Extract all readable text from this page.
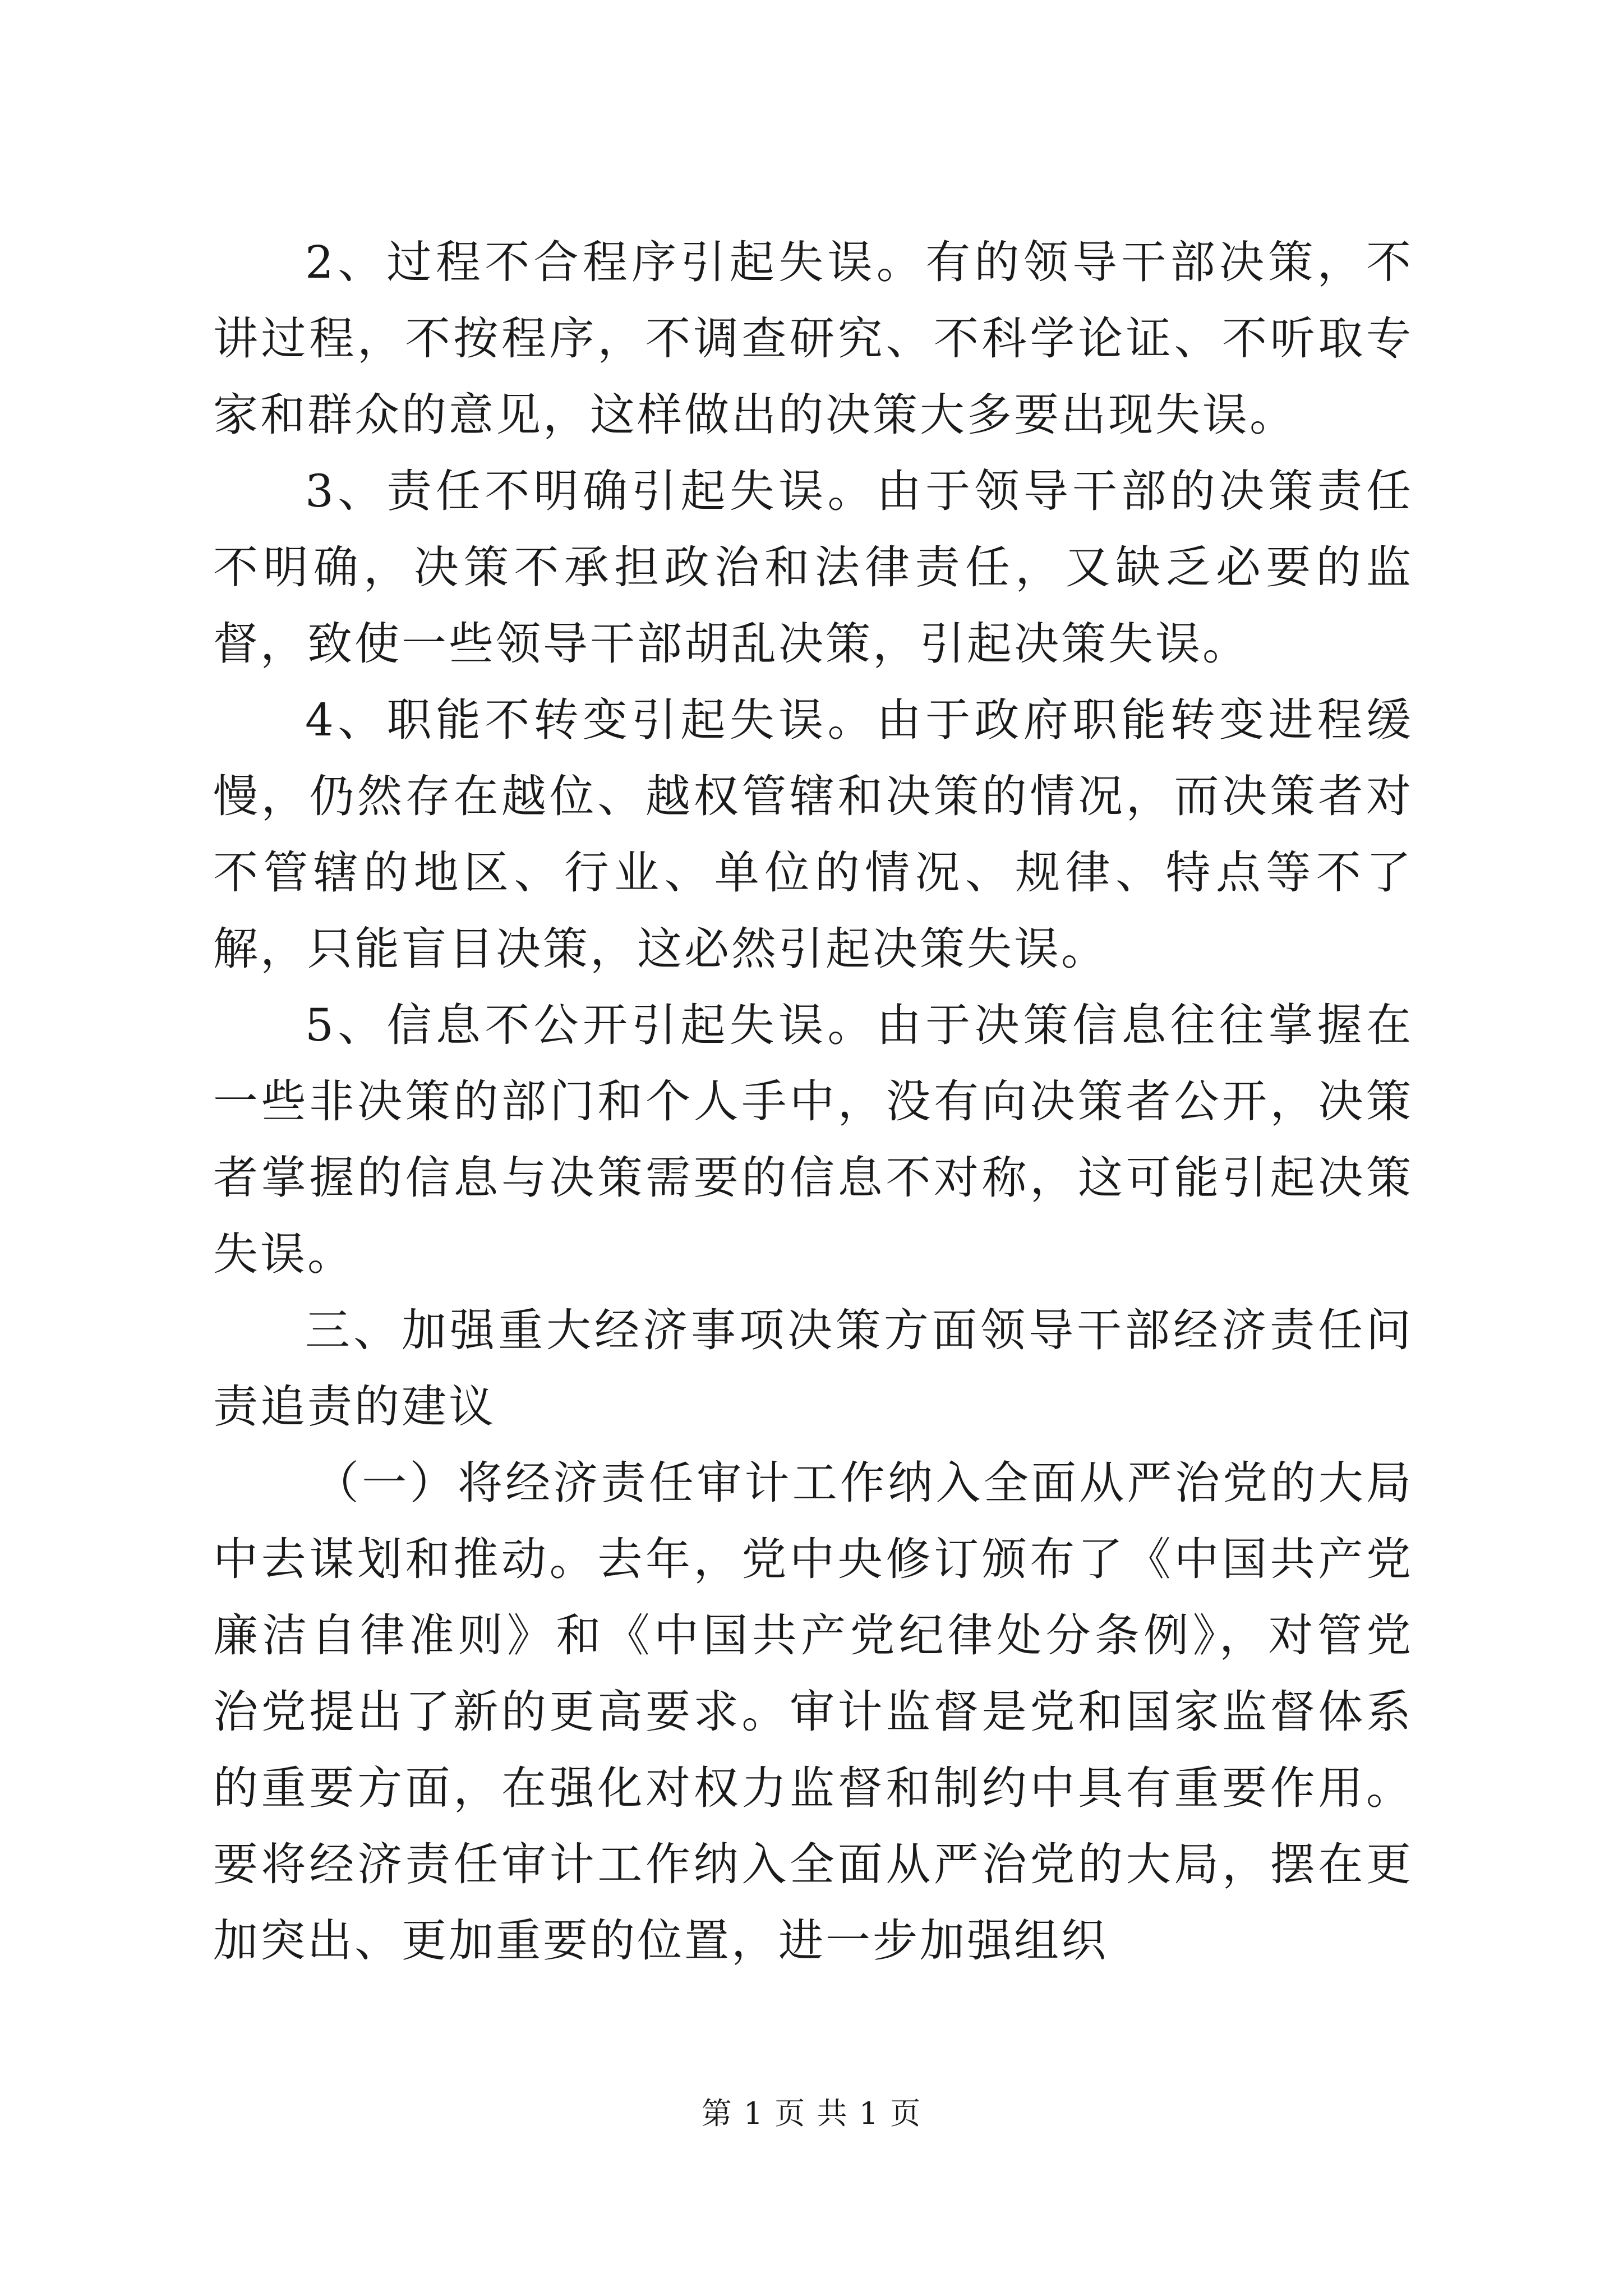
2、过程不合程序引起失误。有的领导干部决策，不讲过程，不按程序，不调查研究、不科学论证、不听取专家和群众的意见，这样做出的决策大多要出现失误。

3、责任不明确引起失误。由于领导干部的决策责任不明确，决策不承担政治和法律责任，又缺乏必要的监督，致使一些领导干部胡乱决策，引起决策失误。

4、职能不转变引起失误。由于政府职能转变进程缓慢，仍然存在越位、越权管辖和决策的情况，而决策者对不管辖的地区、行业、单位的情况、规律、特点等不了解，只能盲目决策，这必然引起决策失误。

5、信息不公开引起失误。由于决策信息往往掌握在一些非决策的部门和个人手中，没有向决策者公开，决策者掌握的信息与决策需要的信息不对称，这可能引起决策失误。

三、加强重大经济事项决策方面领导干部经济责任问责追责的建议

（一）将经济责任审计工作纳入全面从严治党的大局中去谋划和推动。去年，党中央修订颁布了《中国共产党廉洁自律准则》和《中国共产党纪律处分条例》，对管党治党提出了新的更高要求。审计监督是党和国家监督体系的重要方面，在强化对权力监督和制约中具有重要作用。要将经济责任审计工作纳入全面从严治党的大局，摆在更加突出、更加重要的位置，进一步加强组织

第 1 页 共 1 页
